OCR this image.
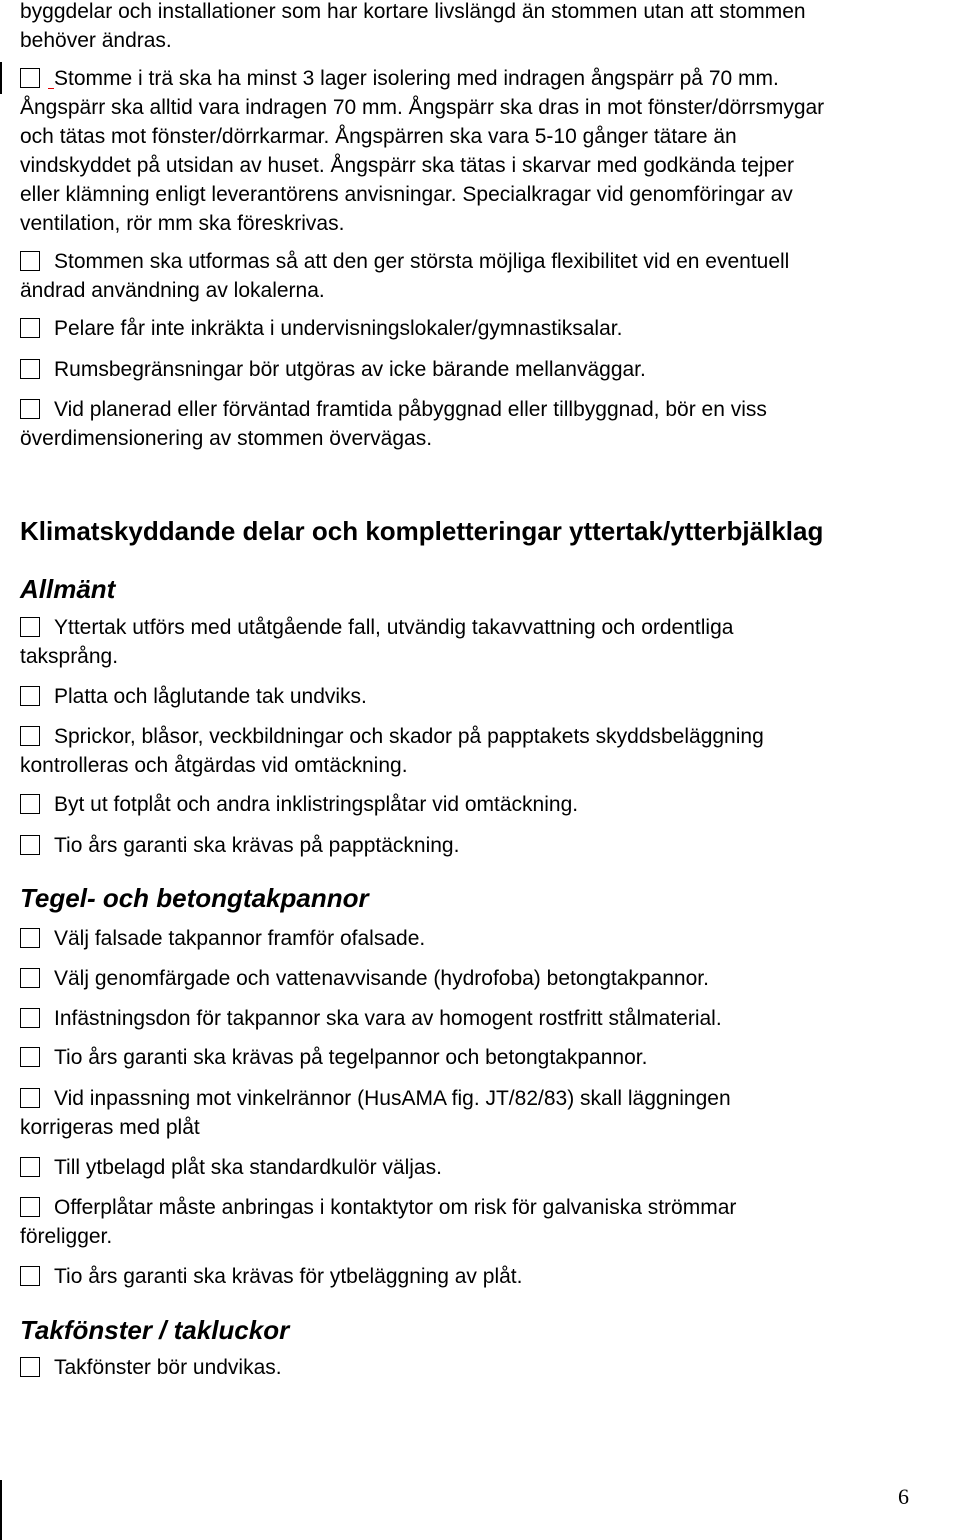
byggdelar och installationer som har kortare livslängd än stommen utan att stommen
behöver ändras.
Stomme i trä ska ha minst 3 lager isolering med indragen ångspärr på 70 mm.
Ångspärr ska alltid vara indragen 70 mm. Ångspärr ska dras in mot fönster/dörrsmygar
och tätas mot fönster/dörrkarmar. Ångspärren ska vara 5-10 gånger tätare än
vindskyddet på utsidan av huset. Ångspärr ska tätas i skarvar med godkända tejper
eller klämning enligt leverantörens anvisningar. Specialkragar vid genomföringar av
ventilation, rör mm ska föreskrivas.
Stommen ska utformas så att den ger största möjliga flexibilitet vid en eventuell
ändrad användning av lokalerna.
Pelare får inte inkräkta i undervisningslokaler/gymnastiksalar.
Rumsbegränsningar bör utgöras av icke bärande mellanväggar.
Vid planerad eller förväntad framtida påbyggnad eller tillbyggnad, bör en viss
överdimensionering av stommen övervägas.
Klimatskyddande delar och kompletteringar yttertak/ytterbjälklag
Allmänt
Yttertak utförs med utåtgående fall, utvändig takavvattning och ordentliga
taksprång.
Platta och låglutande tak undviks.
Sprickor, blåsor, veckbildningar och skador på papptakets skyddsbeläggning
kontrolleras och åtgärdas vid omtäckning.
Byt ut fotplåt och andra inklistringsplåtar vid omtäckning.
Tio års garanti ska krävas på papptäckning.
Tegel- och betongtakpannor
Välj falsade takpannor framför ofalsade.
Välj genomfärgade och vattenavvisande (hydrofoba) betongtakpannor.
Infästningsdon för takpannor ska vara av homogent rostfritt stålmaterial.
Tio års garanti ska krävas på tegelpannor och betongtakpannor.
Vid inpassning mot vinkelrännor (HusAMA fig. JT/82/83) skall läggningen
korrigeras med plåt
Till ytbelagd plåt ska standardkulör väljas.
Offerplåtar måste anbringas i kontaktytor om risk för galvaniska strömmar
föreligger.
Tio års garanti ska krävas för ytbeläggning av plåt.
Takfönster / takluckor
Takfönster bör undvikas.
6
